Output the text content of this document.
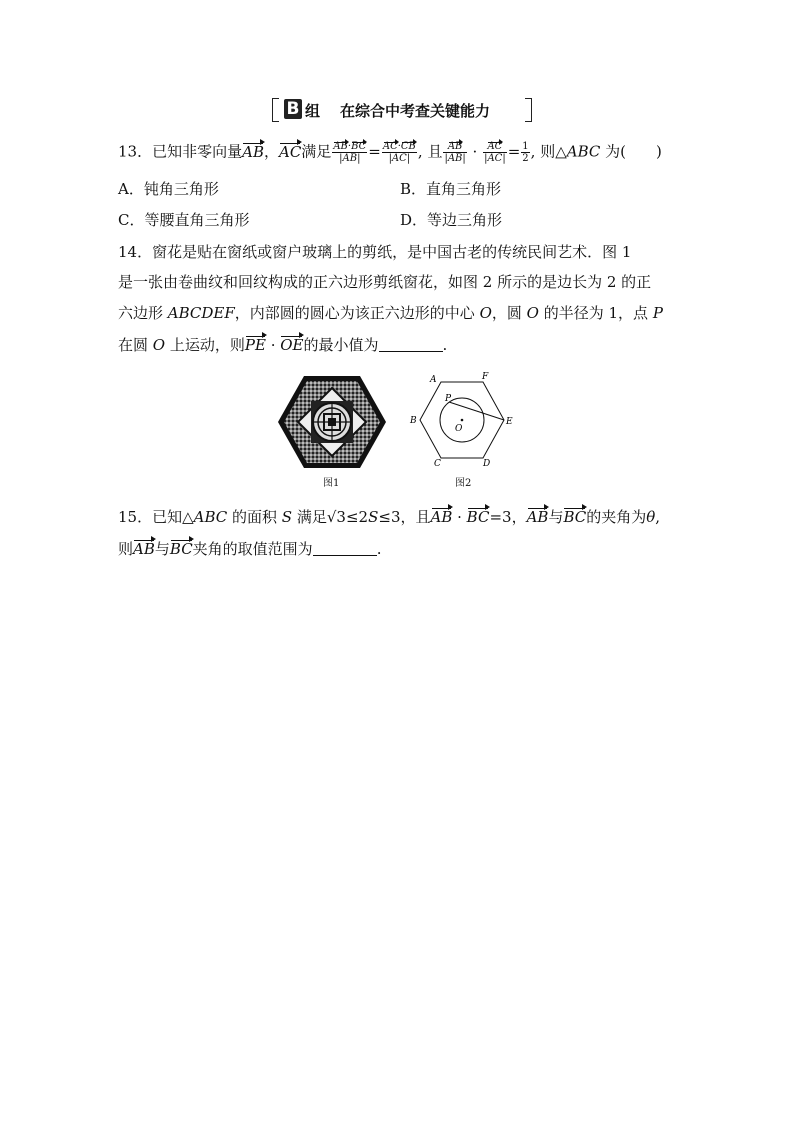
B 组 在综合中考查关键能力
13．已知非零向量AB，AC满足 $\frac{AB\cdot BC}{|AB|} = \frac{AC\cdot CB}{|AC|}$ , 且 $\frac{AB}{|AB|} \cdot \frac{AC}{|AC|} = \frac{1}{2}$ , 则△ABC 为(　　)
A．钝角三角形	B．直角三角形
C．等腰直角三角形	D．等边三角形
14．窗花是贴在窗纸或窗户玻璃上的剪纸，是中国古老的传统民间艺术．图 1
是一张由卷曲纹和回纹构成的正六边形剪纸窗花，如图 2 所示的是边长为 2 的正
六边形 ABCDEF，内部圆的圆心为该正六边形的中心 O，圆 O 的半径为 1，点 P
在圆 O 上运动，则PE · OE的最小值为	.
图1
A	F
B	E
C	D
P
O
图2
15．已知△ABC 的面积 S 满足√3≤2S≤3，且AB · BC=3，AB与BC的夹角为θ,
则AB与BC夹角的取值范围为	.
